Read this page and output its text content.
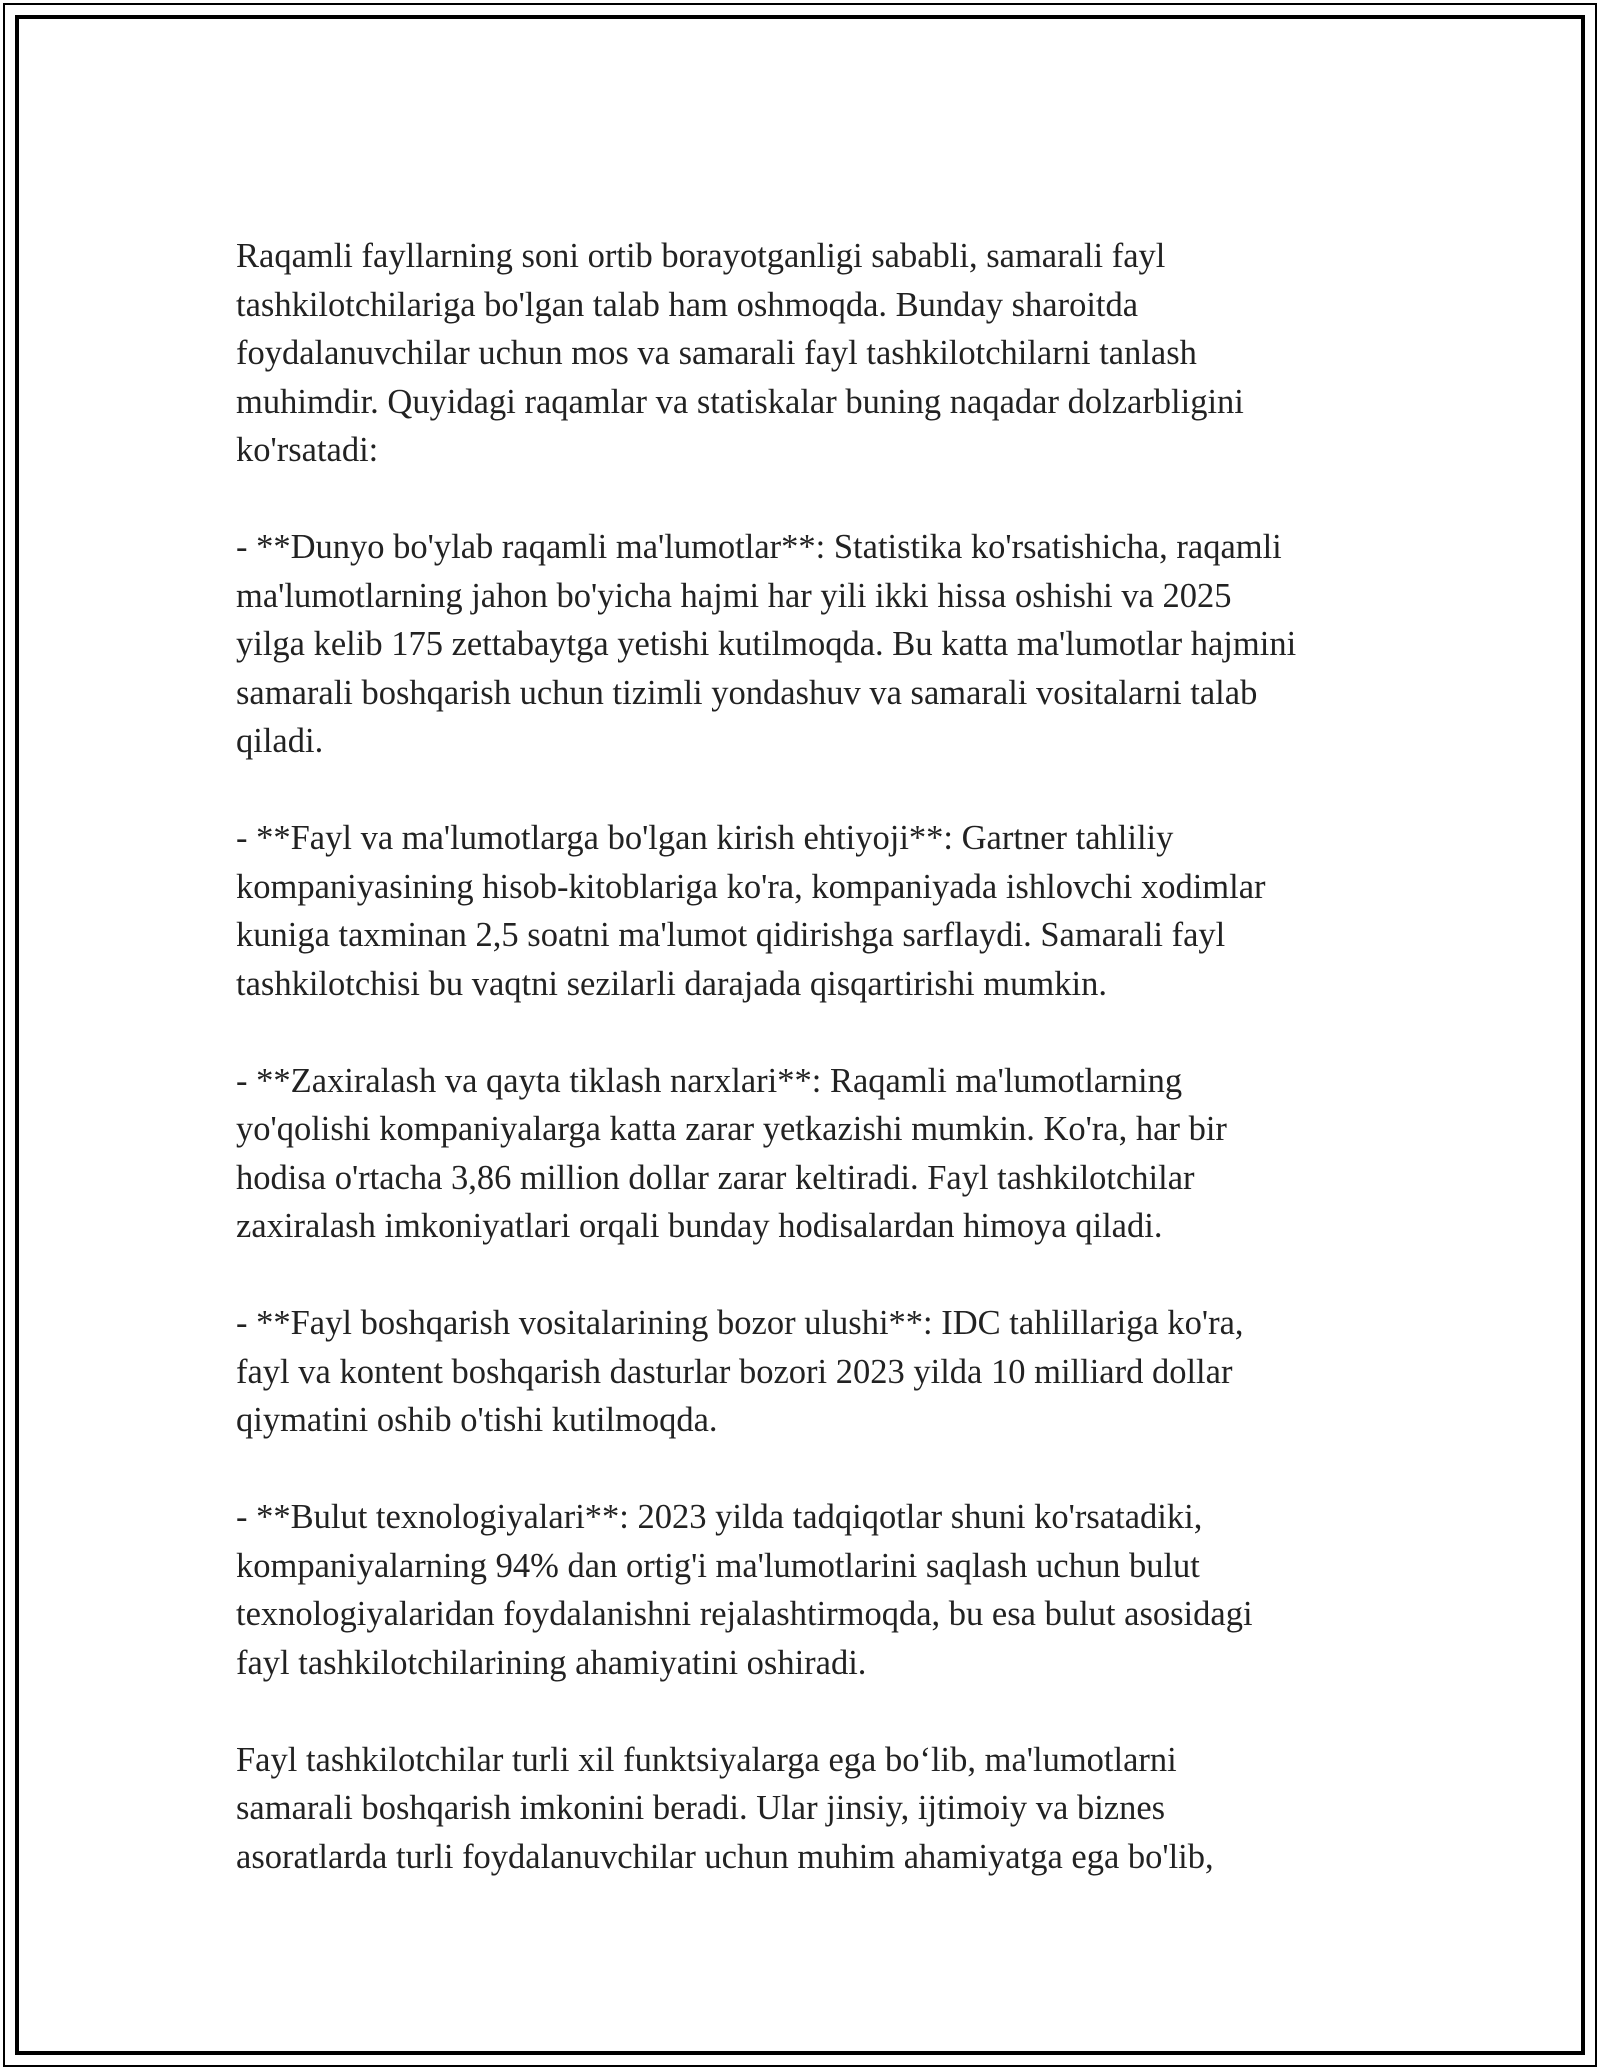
Raqamli fayllarning soni ortib borayotganligi sababli, samarali fayl
tashkilotchilariga bo'lgan talab ham oshmoqda. Bunday sharoitda
foydalanuvchilar uchun mos va samarali fayl tashkilotchilarni tanlash
muhimdir. Quyidagi raqamlar va statiskalar buning naqadar dolzarbligini
ko'rsatadi:

- **Dunyo bo'ylab raqamli ma'lumotlar**: Statistika ko'rsatishicha, raqamli
ma'lumotlarning jahon bo'yicha hajmi har yili ikki hissa oshishi va 2025
yilga kelib 175 zettabaytga yetishi kutilmoqda. Bu katta ma'lumotlar hajmini
samarali boshqarish uchun tizimli yondashuv va samarali vositalarni talab
qiladi.

- **Fayl va ma'lumotlarga bo'lgan kirish ehtiyoji**: Gartner tahliliy
kompaniyasining hisob-kitoblariga ko'ra, kompaniyada ishlovchi xodimlar
kuniga taxminan 2,5 soatni ma'lumot qidirishga sarflaydi. Samarali fayl
tashkilotchisi bu vaqtni sezilarli darajada qisqartirishi mumkin.

- **Zaxiralash va qayta tiklash narxlari**: Raqamli ma'lumotlarning
yo'qolishi kompaniyalarga katta zarar yetkazishi mumkin. Ko'ra, har bir
hodisa o'rtacha 3,86 million dollar zarar keltiradi. Fayl tashkilotchilar
zaxiralash imkoniyatlari orqali bunday hodisalardan himoya qiladi.

- **Fayl boshqarish vositalarining bozor ulushi**: IDC tahlillariga ko'ra,
fayl va kontent boshqarish dasturlar bozori 2023 yilda 10 milliard dollar
qiymatini oshib o'tishi kutilmoqda.

- **Bulut texnologiyalari**: 2023 yilda tadqiqotlar shuni ko'rsatadiki,
kompaniyalarning 94% dan ortig'i ma'lumotlarini saqlash uchun bulut
texnologiyalaridan foydalanishni rejalashtirmoqda, bu esa bulut asosidagi
fayl tashkilotchilarining ahamiyatini oshiradi.

Fayl tashkilotchilar turli xil funktsiyalarga ega bo‘lib, ma'lumotlarni
samarali boshqarish imkonini beradi. Ular jinsiy, ijtimoiy va biznes
asoratlarda turli foydalanuvchilar uchun muhim ahamiyatga ega bo'lib,
